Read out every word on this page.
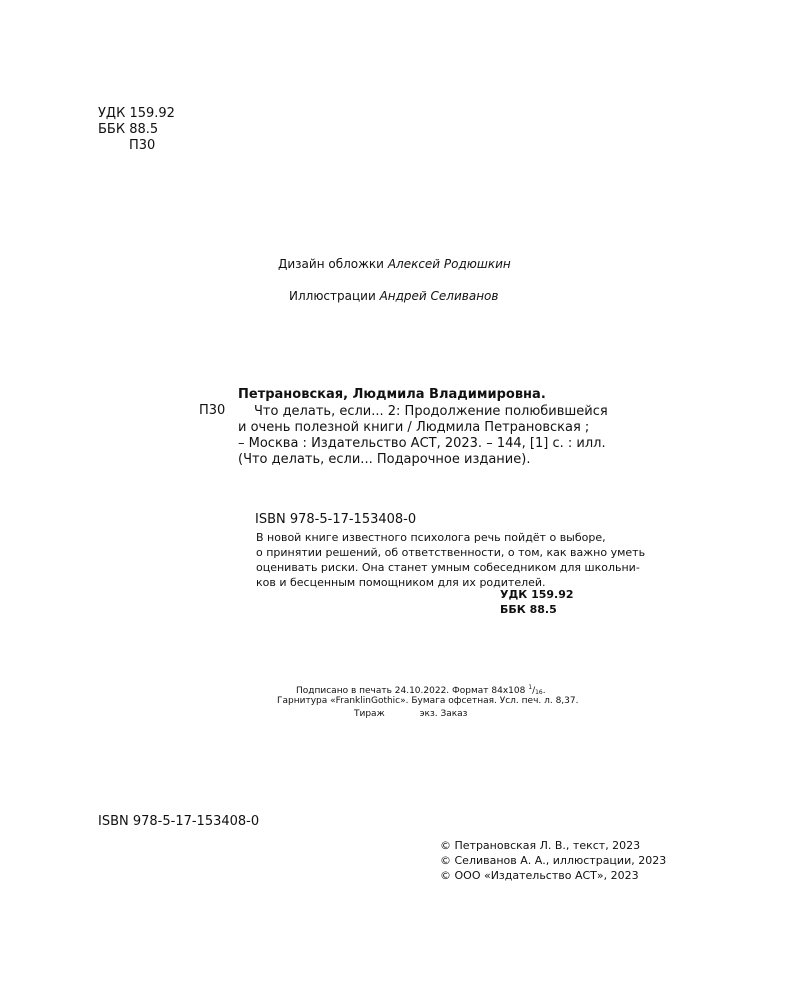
УДК 159.92
ББК 88.5
П30
Дизайн обложки Алексей Родюшкин
Иллюстрации Андрей Селиванов
П30
Петрановская, Людмила Владимировна.
Что делать, если... 2: Продолжение полюбившейся
и очень полезной книги / Людмила Петрановская ;
– Москва : Издательство АСТ, 2023. – 144, [1] с. : илл.
(Что делать, если... Подарочное издание).
ISBN 978-5-17-153408-0
В новой книге известного психолога речь пойдёт о выборе,
о принятии решений, об ответственности, о том, как важно уметь
оценивать риски. Она станет умным собеседником для школьни-
ков и бесценным помощником для их родителей.
УДК 159.92
ББК 88.5
Подписано в печать 24.10.2022. Формат 84x108 $^1/_{16}$.
Гарнитура «FranklinGothic». Бумага офсетная. Усл. печ. л. 8,37.
Тираж	экз. Заказ
ISBN 978-5-17-153408-0
© Петрановская Л. В., текст, 2023
© Селиванов А. А., иллюстрации, 2023
© ООО «Издательство АСТ», 2023
